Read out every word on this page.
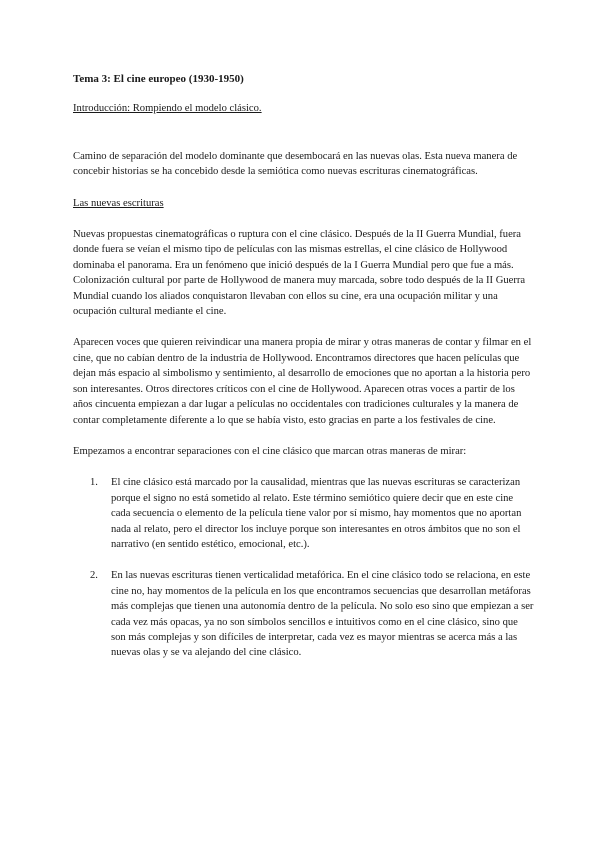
Tema 3: El cine europeo (1930-1950)
Introducción: Rompiendo el modelo clásico.

Camino de separación del modelo dominante que desembocará en las nuevas olas. Esta nueva manera de concebir historias se ha concebido desde la semiótica como nuevas escrituras cinematográficas.

Las nuevas escrituras

Nuevas propuestas cinematográficas o ruptura con el cine clásico. Después de la II Guerra Mundial, fuera donde fuera se veían el mismo tipo de películas con las mismas estrellas, el cine clásico de Hollywood dominaba el panorama. Era un fenómeno que inició después de la I Guerra Mundial pero que fue a más. Colonización cultural por parte de Hollywood de manera muy marcada, sobre todo después de la II Guerra Mundial cuando los aliados conquistaron llevaban con ellos su cine, era una ocupación militar y una ocupación cultural mediante el cine.

Aparecen voces que quieren reivindicar una manera propia de mirar y otras maneras de contar y filmar en el cine, que no cabían dentro de la industria de Hollywood. Encontramos directores que hacen películas que dejan más espacio al simbolismo y sentimiento, al desarrollo de emociones que no aportan a la historia pero son interesantes. Otros directores críticos con el cine de Hollywood. Aparecen otras voces a partir de los años cincuenta empiezan a dar lugar a películas no occidentales con tradiciones culturales y la manera de contar completamente diferente a lo que se había visto, esto gracias en parte a los festivales de cine.

Empezamos a encontrar separaciones con el cine clásico que marcan otras maneras de mirar:

1. El cine clásico está marcado por la causalidad, mientras que las nuevas escrituras se caracterizan porque el signo no está sometido al relato. Este término semiótico quiere decir que en este cine cada secuencia o elemento de la película tiene valor por sí mismo, hay momentos que no aportan nada al relato, pero el director los incluye porque son interesantes en otros ámbitos que no son el narrativo (en sentido estético, emocional, etc.).
2. En las nuevas escrituras tienen verticalidad metafórica. En el cine clásico todo se relaciona, en este cine no, hay momentos de la película en los que encontramos secuencias que desarrollan metáforas más complejas que tienen una autonomía dentro de la película. No solo eso sino que empiezan a ser cada vez más opacas, ya no son símbolos sencillos e intuitivos como en el cine clásico, sino que son más complejas y son difíciles de interpretar, cada vez es mayor mientras se acerca más a las nuevas olas y se va alejando del cine clásico.
